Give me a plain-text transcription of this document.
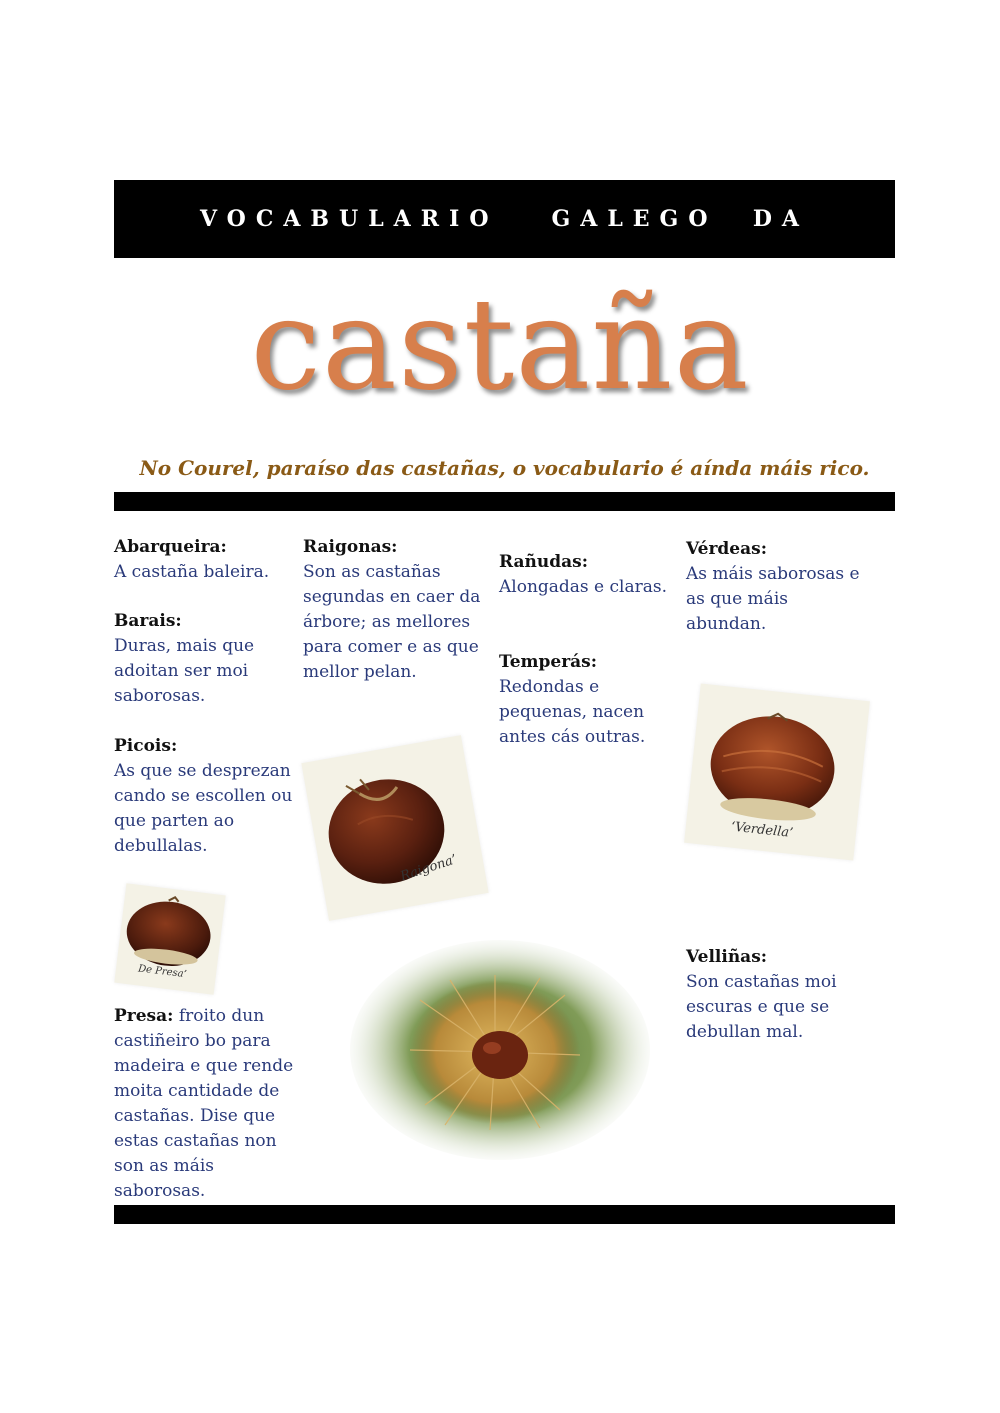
VOCABULARIO   GALEGO  DA
castaña
No Courel, paraíso das castañas, o vocabulario é aínda máis rico.
Abarqueira:
A castaña baleira.
Barais:
Duras, mais que adoitan ser moi saborosas.
Picois:
As que se desprezan cando se escollen ou que parten ao debullalas.
Presa: froito dun castiñeiro bo para madeira e que rende moita cantidade de castañas. Dise que estas castañas non son as máis saborosas.
Raigonas:
Son as castañas segundas en caer da árbore; as mellores para comer e as que mellor pelan.
Rañudas:
Alongadas e claras.
Temperás:
Redondas e pequenas, nacen antes cás outras.
Vérdeas:
As máis saborosas e as que máis abundan.
Velliñas:
Son castañas moi escuras e que se debullan mal.
Raigona’
‘Verdella’
De Presa’
